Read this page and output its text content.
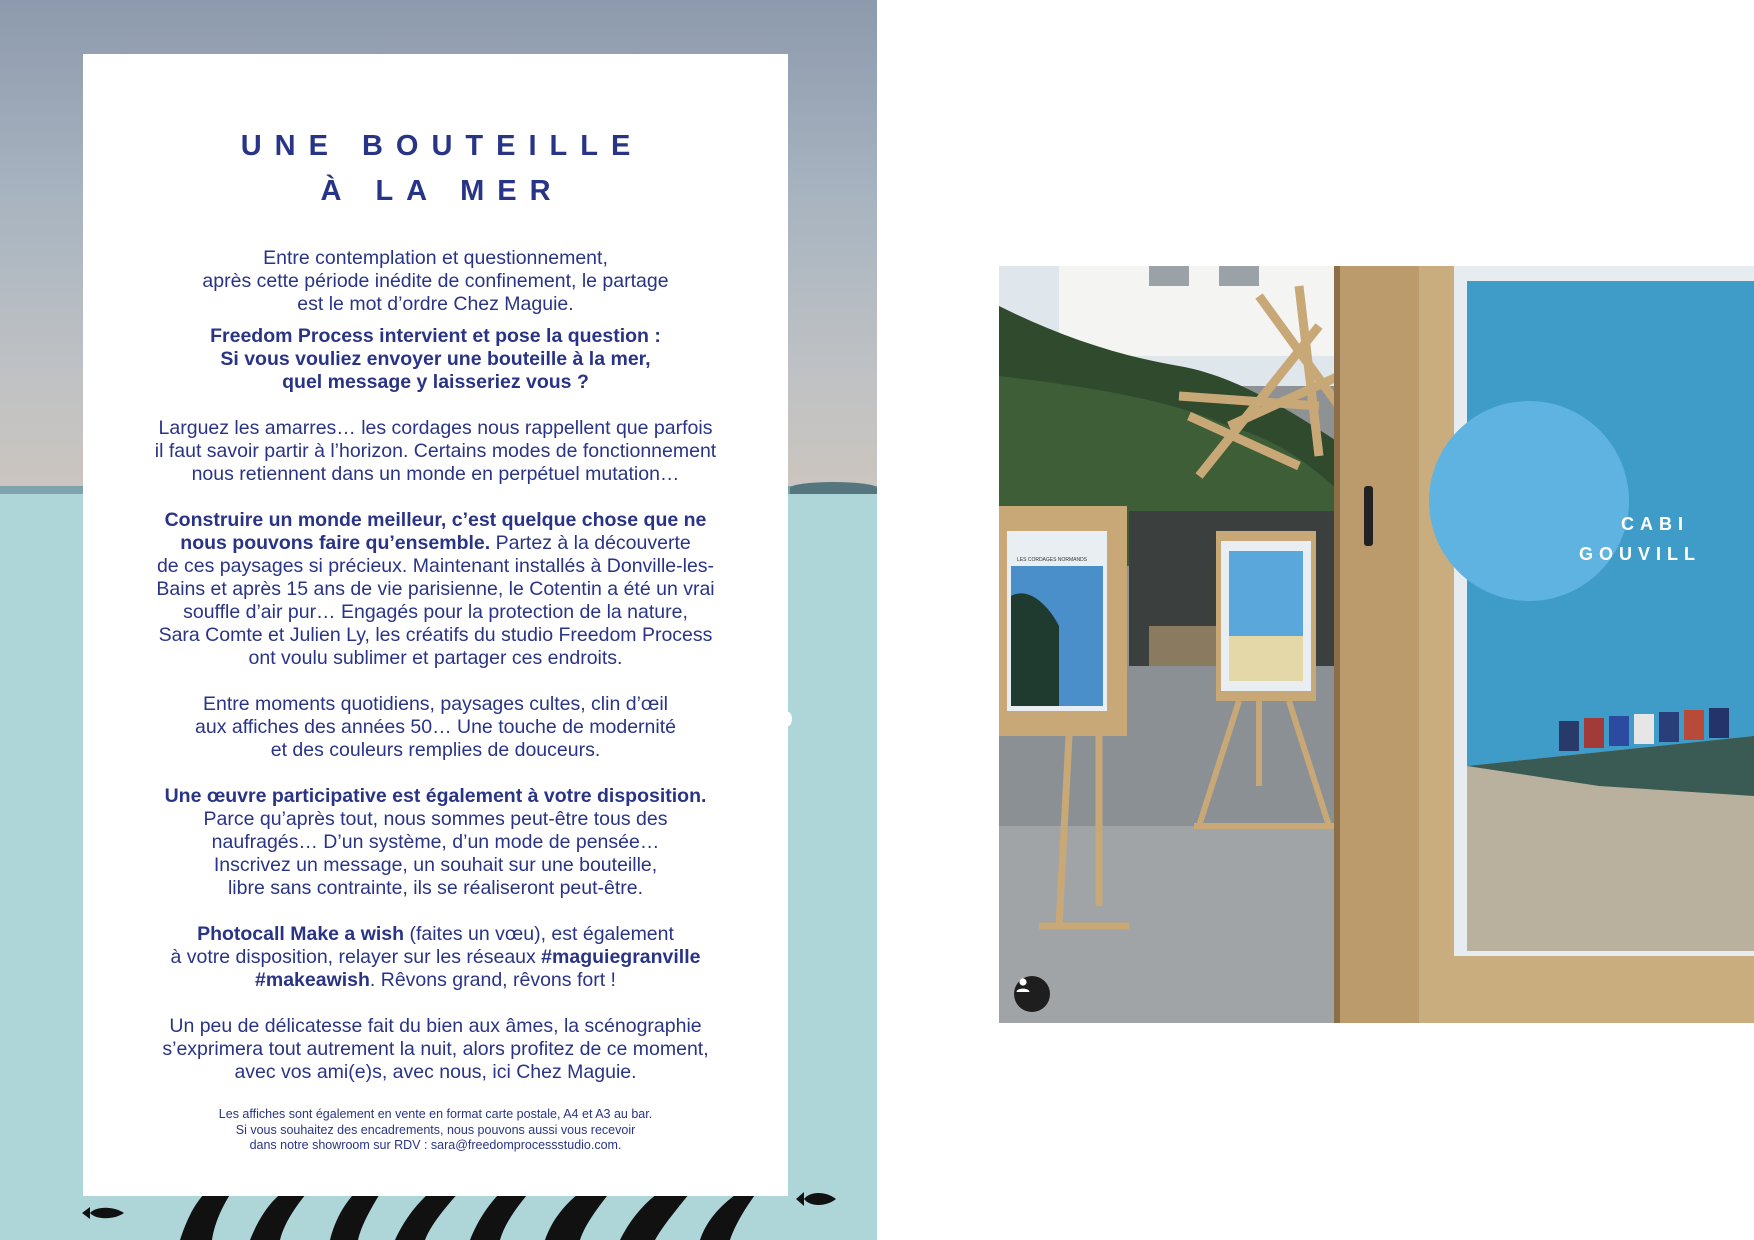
UNE BOUTEILLE
À LA MER

Entre contemplation et questionnement,
après cette période inédite de confinement, le partage
est le mot d’ordre Chez Maguie.

Freedom Process intervient et pose la question :
Si vous vouliez envoyer une bouteille à la mer,
quel message y laisseriez vous ?

Larguez les amarres… les cordages nous rappellent que parfois
il faut savoir partir à l’horizon. Certains modes de fonctionnement
nous retiennent dans un monde en perpétuel mutation…

Construire un monde meilleur, c’est quelque chose que ne
nous pouvons faire qu’ensemble. Partez à la découverte
de ces paysages si précieux. Maintenant installés à Donville-les-
Bains et après 15 ans de vie parisienne, le Cotentin a été un vrai
souffle d’air pur… Engagés pour la protection de la nature,
Sara Comte et Julien Ly, les créatifs du studio Freedom Process
ont voulu sublimer et partager ces endroits.

Entre moments quotidiens, paysages cultes, clin d’œil
aux affiches des années 50… Une touche de modernité
et des couleurs remplies de douceurs.

Une œuvre participative est également à votre disposition.
Parce qu’après tout, nous sommes peut-être tous des
naufragés… D’un système, d’un mode de pensée…
Inscrivez un message, un souhait sur une bouteille,
libre sans contrainte, ils se réaliseront peut-être.

Photocall Make a wish (faites un vœu), est également
à votre disposition, relayer sur les réseaux #maguiegranville
#makeawish. Rêvons grand, rêvons fort !

Un peu de délicatesse fait du bien aux âmes, la scénographie
s’exprimera tout autrement la nuit, alors profitez de ce moment,
avec vos ami(e)s, avec nous, ici Chez Maguie.

Les affiches sont également en vente en format carte postale, A4 et A3 au bar.
Si vous souhaitez des encadrements, nous pouvons aussi vous recevoir
dans notre showroom sur RDV : sara@freedomprocessstudio.com.
LES CORDAGES NORMANDS
CABI
GOUVILL
